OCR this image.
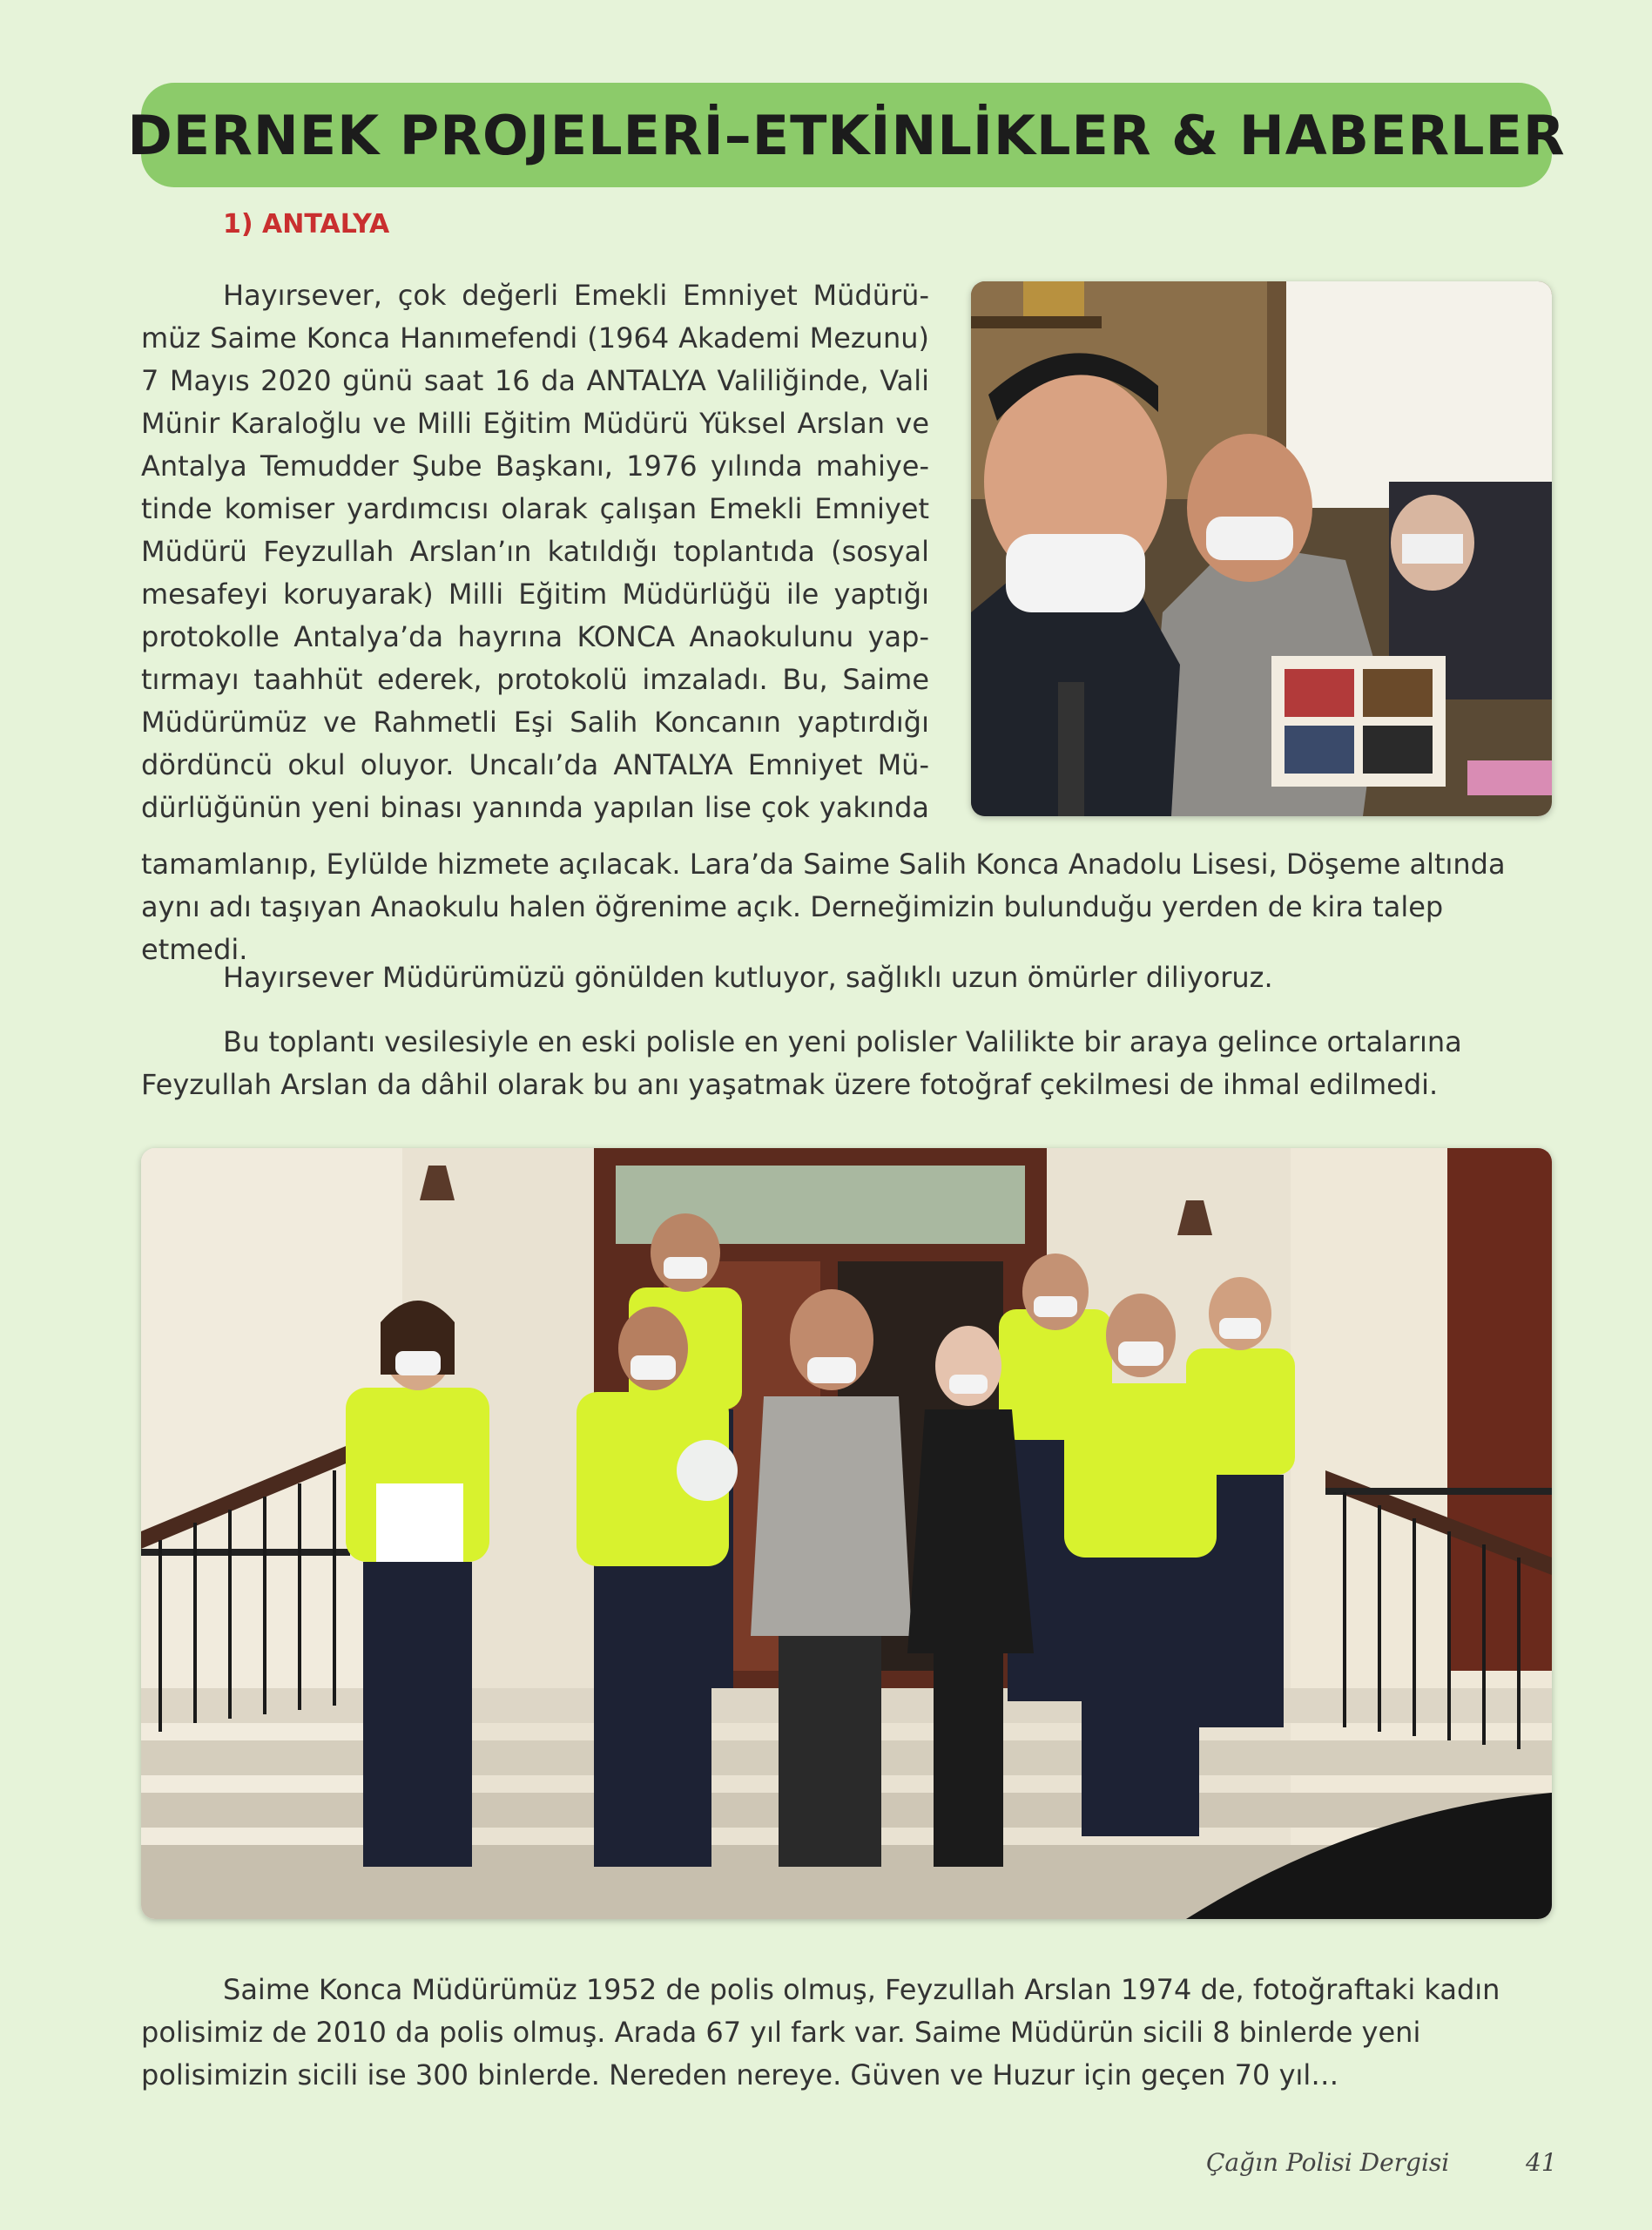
DERNEK PROJELERİ–ETKİNLİKLER & HABERLER
1) ANTALYA
Hayırsever, çok değerli Emekli Emniyet Müdürü-
müz Saime Konca Hanımefendi (1964 Akademi Mezunu)
7 Mayıs 2020 günü saat 16 da ANTALYA Valiliğinde, Vali
Münir Karaloğlu ve Milli Eğitim Müdürü Yüksel Arslan ve
Antalya Temudder Şube Başkanı, 1976 yılında mahiye-
tinde komiser yardımcısı olarak çalışan Emekli Emniyet
Müdürü Feyzullah Arslan’ın katıldığı toplantıda (sosyal
mesafeyi koruyarak) Milli Eğitim Müdürlüğü ile yaptığı
protokolle Antalya’da hayrına KONCA Anaokulunu yap-
tırmayı taahhüt ederek, protokolü imzaladı. Bu, Saime
Müdürümüz ve Rahmetli Eşi Salih Koncanın yaptırdığı
dördüncü okul oluyor. Uncalı’da ANTALYA Emniyet Mü-
dürlüğünün yeni binası yanında yapılan lise çok yakında

tamamlanıp, Eylülde hizmete açılacak. Lara’da Saime Salih Konca Anadolu Lisesi, Döşeme altında aynı adı taşıyan Anaokulu halen öğrenime açık. Derneğimizin bulunduğu yerden de kira talep etmedi.

Hayırsever Müdürümüzü gönülden kutluyor, sağlıklı uzun ömürler diliyoruz.

Bu toplantı vesilesiyle en eski polisle en yeni polisler Valilikte bir araya gelince ortalarına Feyzullah Arslan da dâhil olarak bu anı yaşatmak üzere fotoğraf çekilmesi de ihmal edilmedi.

Saime Konca Müdürümüz 1952 de polis olmuş, Feyzullah Arslan 1974 de, fotoğraftaki kadın polisimiz de 2010 da polis olmuş. Arada 67 yıl fark var. Saime Müdürün sicili 8 binlerde yeni polisimizin sicili ise 300 binlerde. Nereden nereye. Güven ve Huzur için geçen 70 yıl…

Çağın Polisi Dergisi	41
